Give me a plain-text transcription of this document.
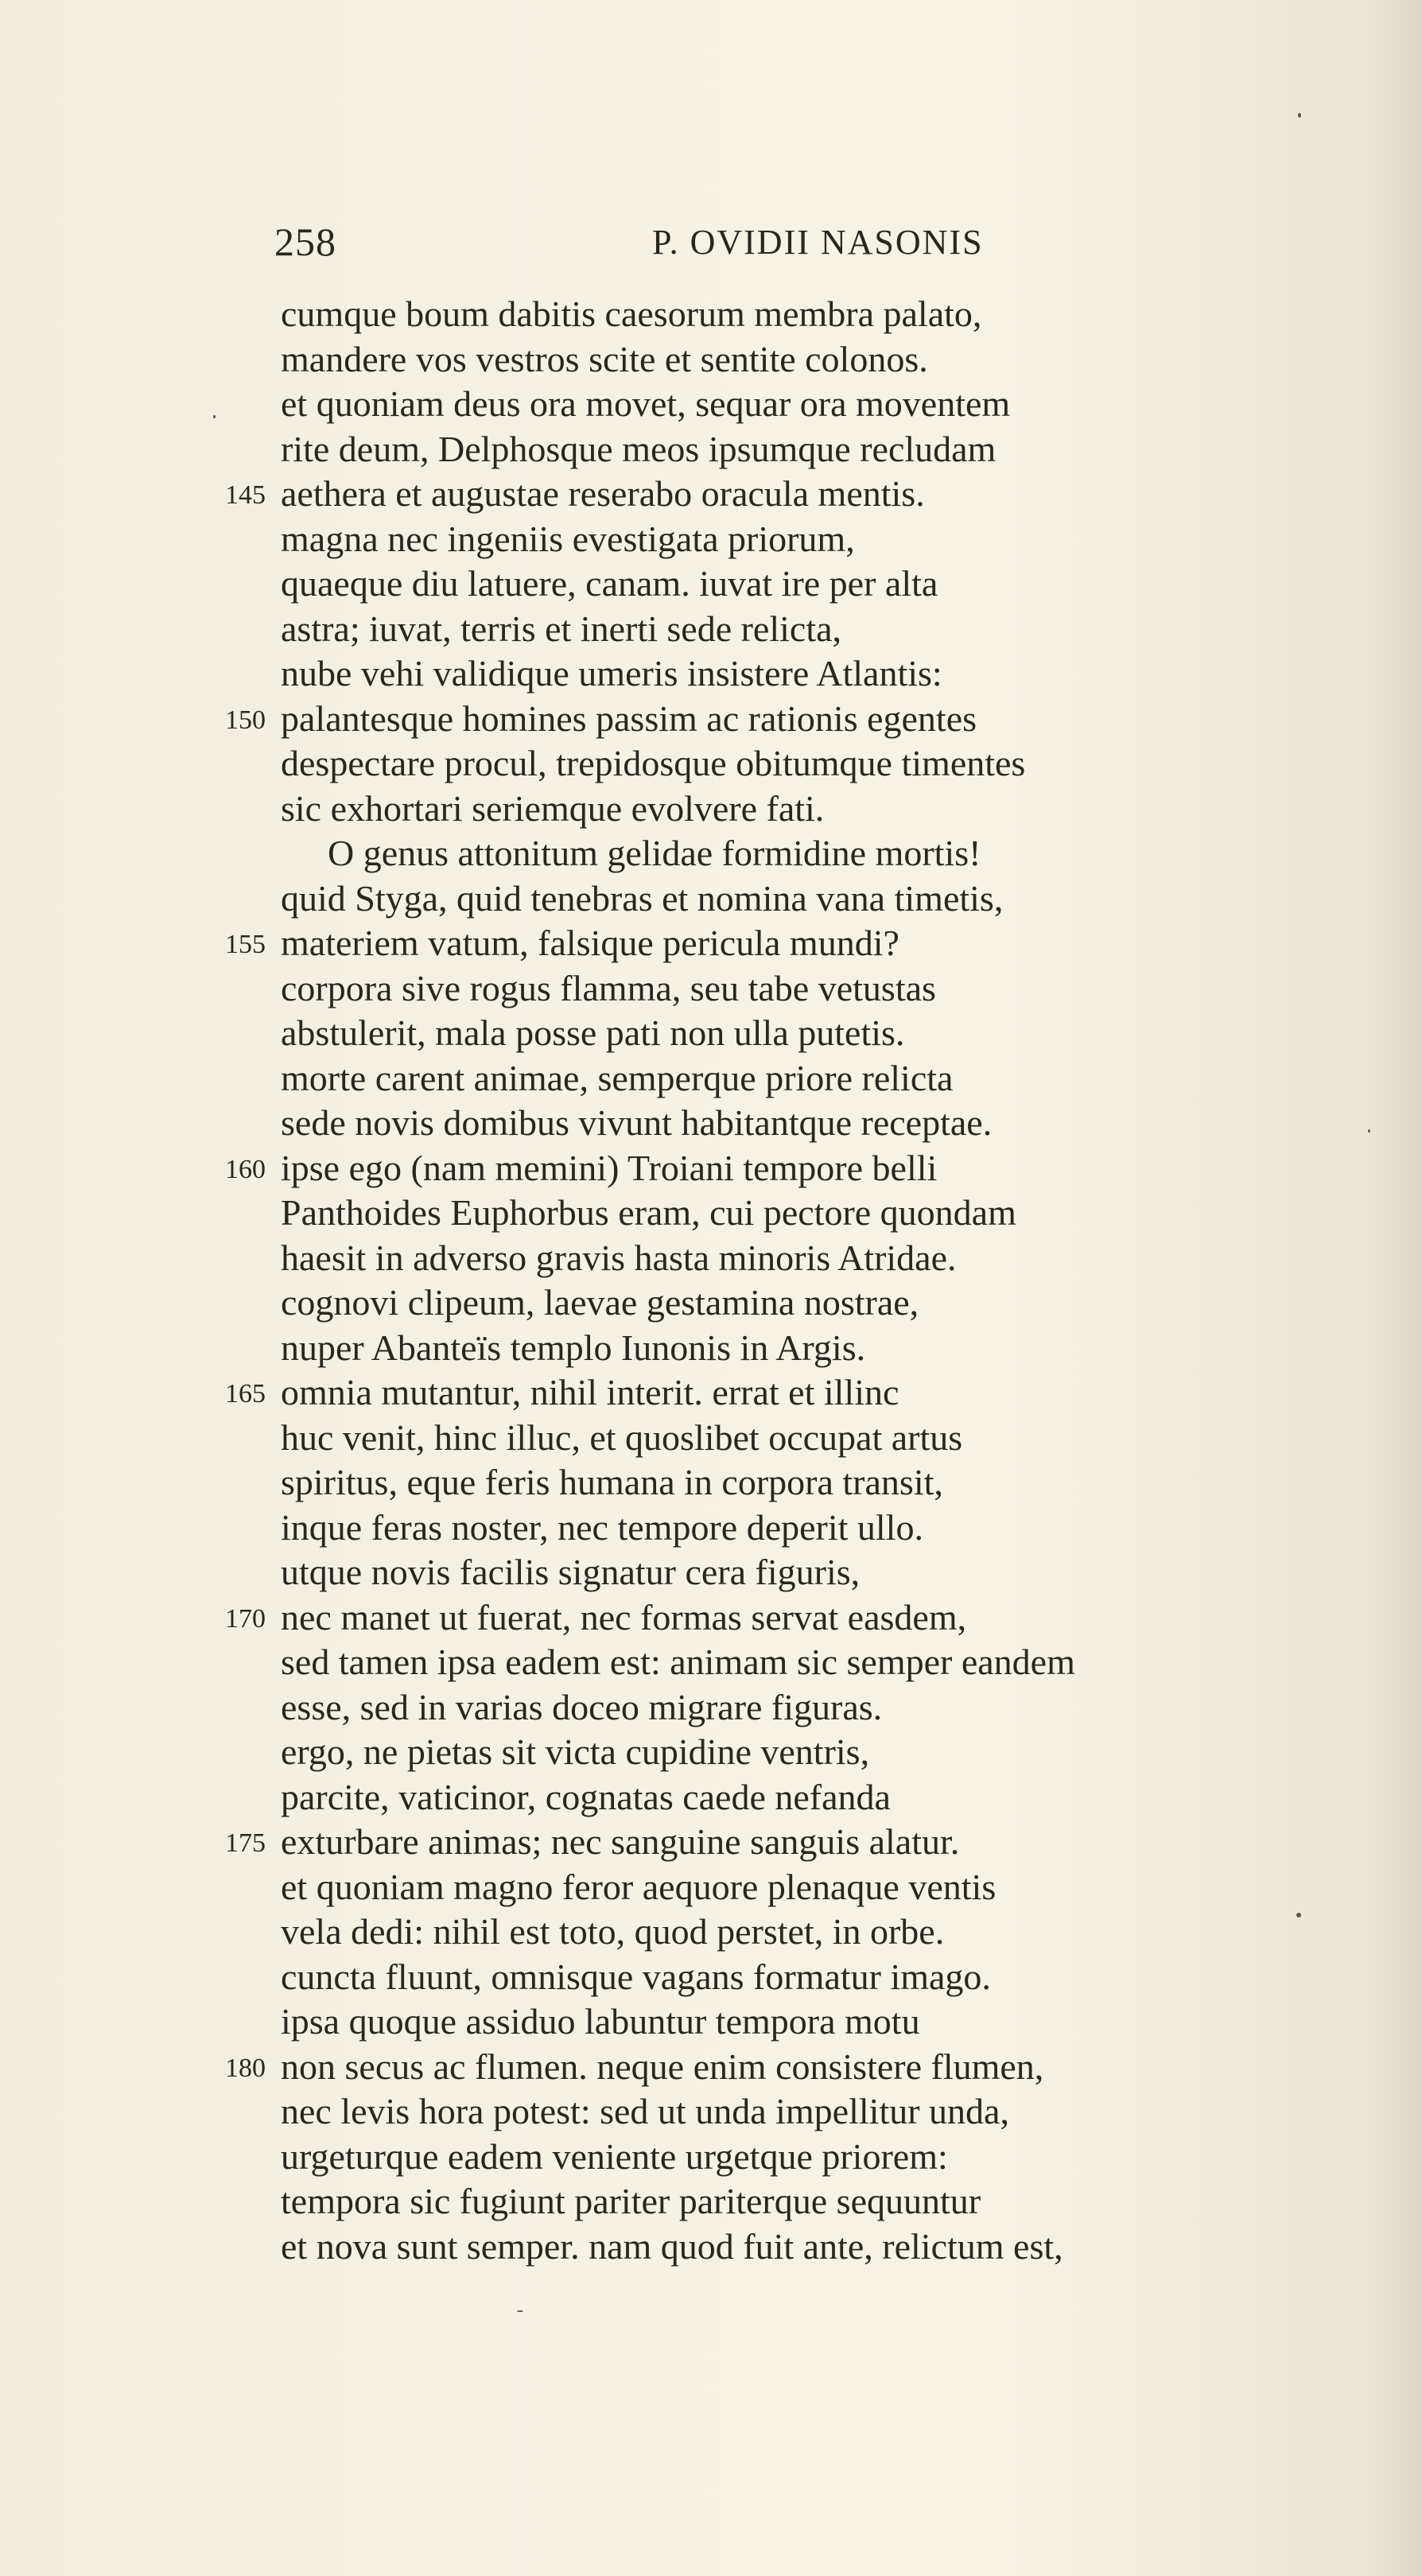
258	P. OVIDII NASONIS
cumque boum dabitis caesorum membra palato,
mandere vos vestros scite et sentite colonos.
et quoniam deus ora movet, sequar ora moventem
rite deum, Delphosque meos ipsumque recludam
145 aethera et augustae reserabo oracula mentis.
magna nec ingeniis evestigata priorum,
quaeque diu latuere, canam. iuvat ire per alta
astra; iuvat, terris et inerti sede relicta,
nube vehi validique umeris insistere Atlantis:
150 palantesque homines passim ac rationis egentes
despectare procul, trepidosque obitumque timentes
sic exhortari seriemque evolvere fati.
O genus attonitum gelidae formidine mortis!
quid Styga, quid tenebras et nomina vana timetis,
155 materiem vatum, falsique pericula mundi?
corpora sive rogus flamma, seu tabe vetustas
abstulerit, mala posse pati non ulla putetis.
morte carent animae, semperque priore relicta
sede novis domibus vivunt habitantque receptae.
160 ipse ego (nam memini) Troiani tempore belli
Panthoides Euphorbus eram, cui pectore quondam
haesit in adverso gravis hasta minoris Atridae.
cognovi clipeum, laevae gestamina nostrae,
nuper Abanteïs templo Iunonis in Argis.
165 omnia mutantur, nihil interit. errat et illinc
huc venit, hinc illuc, et quoslibet occupat artus
spiritus, eque feris humana in corpora transit,
inque feras noster, nec tempore deperit ullo.
utque novis facilis signatur cera figuris,
170 nec manet ut fuerat, nec formas servat easdem,
sed tamen ipsa eadem est: animam sic semper eandem
esse, sed in varias doceo migrare figuras.
ergo, ne pietas sit victa cupidine ventris,
parcite, vaticinor, cognatas caede nefanda
175 exturbare animas; nec sanguine sanguis alatur.
et quoniam magno feror aequore plenaque ventis
vela dedi: nihil est toto, quod perstet, in orbe.
cuncta fluunt, omnisque vagans formatur imago.
ipsa quoque assiduo labuntur tempora motu
180 non secus ac flumen. neque enim consistere flumen,
nec levis hora potest: sed ut unda impellitur unda,
urgeturque eadem veniente urgetque priorem:
tempora sic fugiunt pariter pariterque sequuntur
et nova sunt semper. nam quod fuit ante, relictum est,
